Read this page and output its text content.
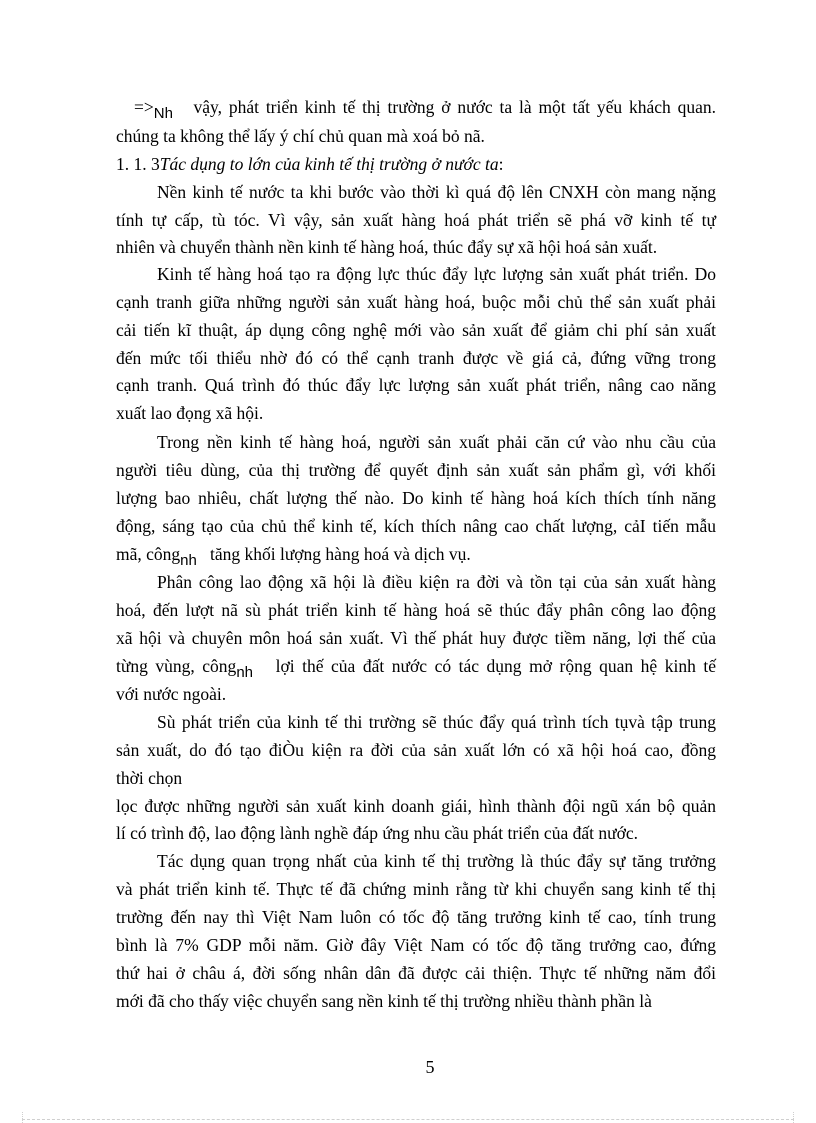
=>Nh vậy, phát triển kinh tế thị trường ở nước ta là một tất yếu khách quan.
chúng ta không thể lấy ý chí chủ quan mà xoá bỏ nã.
1. 1. 3Tác dụng to lớn của kinh tế thị trường ở nước ta:
Nền kinh tế nước ta khi bước vào thời kì quá độ lên CNXH còn mang nặng
tính tự cấp, tù tóc. Vì vậy, sản xuất hàng hoá phát triển sẽ phá vỡ kinh tế tự
nhiên và chuyển thành nền kinh tế hàng hoá, thúc đẩy sự xã hội hoá sản xuất.
Kinh tế hàng hoá tạo ra động lực thúc đẩy lực lượng sản xuất phát triển. Do
cạnh tranh giữa những người sản xuất hàng hoá, buộc mỗi chủ thể sản xuất phải
cải tiến kĩ thuật, áp dụng công nghệ mới vào sản xuất để giảm chi phí sản xuất
đến mức tối thiểu nhờ đó có thể cạnh tranh được về giá cả, đứng vững trong
cạnh tranh. Quá trình đó thúc đẩy lực lượng sản xuất phát triển, nâng cao năng
xuất lao đọng xã hội.
Trong nền kinh tế hàng hoá, người sản xuất phải căn cứ vào nhu cầu của
người tiêu dùng, của thị trường để quyết định sản xuất sản phẩm gì, với khối
lượng bao nhiêu, chất lượng thế nào. Do kinh tế hàng hoá kích thích tính năng
động, sáng tạo của chủ thể kinh tế, kích thích nâng cao chất lượng, cảI tiến mẫu
mã, côngnh tăng khối lượng hàng hoá và dịch vụ.
Phân công lao động xã hội là điều kiện ra đời và tồn tại của sản xuất hàng
hoá, đến lượt nã sù phát triển kinh tế hàng hoá sẽ thúc đẩy phân công lao động
xã hội và chuyên môn hoá sản xuất. Vì thế phát huy được tiềm năng, lợi thế của
từng vùng, côngnh lợi thế của đất nước có tác dụng mở rộng quan hệ kinh tế
với nước ngoài.
Sù phát triển của kinh tế thi trường sẽ thúc đẩy quá trình tích tụvà tập trung
sản xuất, do đó tạo điÒu kiện ra đời của sản xuất lớn có xã hội hoá cao, đồng
thời chọn
lọc được những người sản xuất kinh doanh giái, hình thành đội ngũ xán bộ quản
lí có trình độ, lao động lành nghề đáp ứng nhu cầu phát triển của đất nước.
Tác dụng quan trọng nhất của kinh tế thị trường là thúc đẩy sự tăng trưởng
và phát triển kinh tế. Thực tế đã chứng minh rằng từ khi chuyển sang kinh tế thị
trường đến nay thì Việt Nam luôn có tốc độ tăng trưởng kinh tế cao, tính trung
bình là 7% GDP mỗi năm. Giờ đây Việt Nam có tốc độ tăng trưởng cao, đứng
thứ hai ở châu á, đời sống nhân dân đã được cải thiện. Thực tế những năm đổi
mới đã cho thấy việc chuyển sang nền kinh tế thị trường nhiều thành phần là
5
